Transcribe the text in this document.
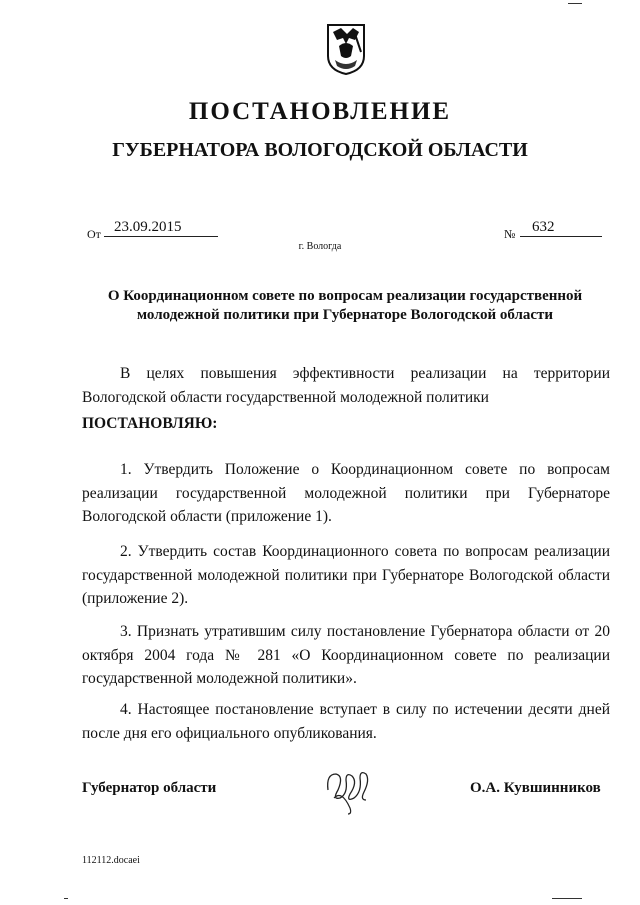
ПОСТАНОВЛЕНИЕ
ГУБЕРНАТОРА ВОЛОГОДСКОЙ ОБЛАСТИ
От 23.09.2015	№ 632
г. Вологда
О Координационном совете по вопросам реализации государственной молодежной политики при Губернаторе Вологодской области
В целях повышения эффективности реализации на территории Вологодской области государственной молодежной политики
ПОСТАНОВЛЯЮ:
1. Утвердить Положение о Координационном совете по вопросам реализации государственной молодежной политики при Губернаторе Вологодской области (приложение 1).
2. Утвердить состав Координационного совета по вопросам реализации государственной молодежной политики при Губернаторе Вологодской области (приложение 2).
3. Признать утратившим силу постановление Губернатора области от 20 октября 2004 года № 281 «О Координационном совете по реализации государственной молодежной политики».
4. Настоящее постановление вступает в силу по истечении десяти дней после дня его официального опубликования.
Губернатор области	О.А. Кувшинников
112112.docaei
